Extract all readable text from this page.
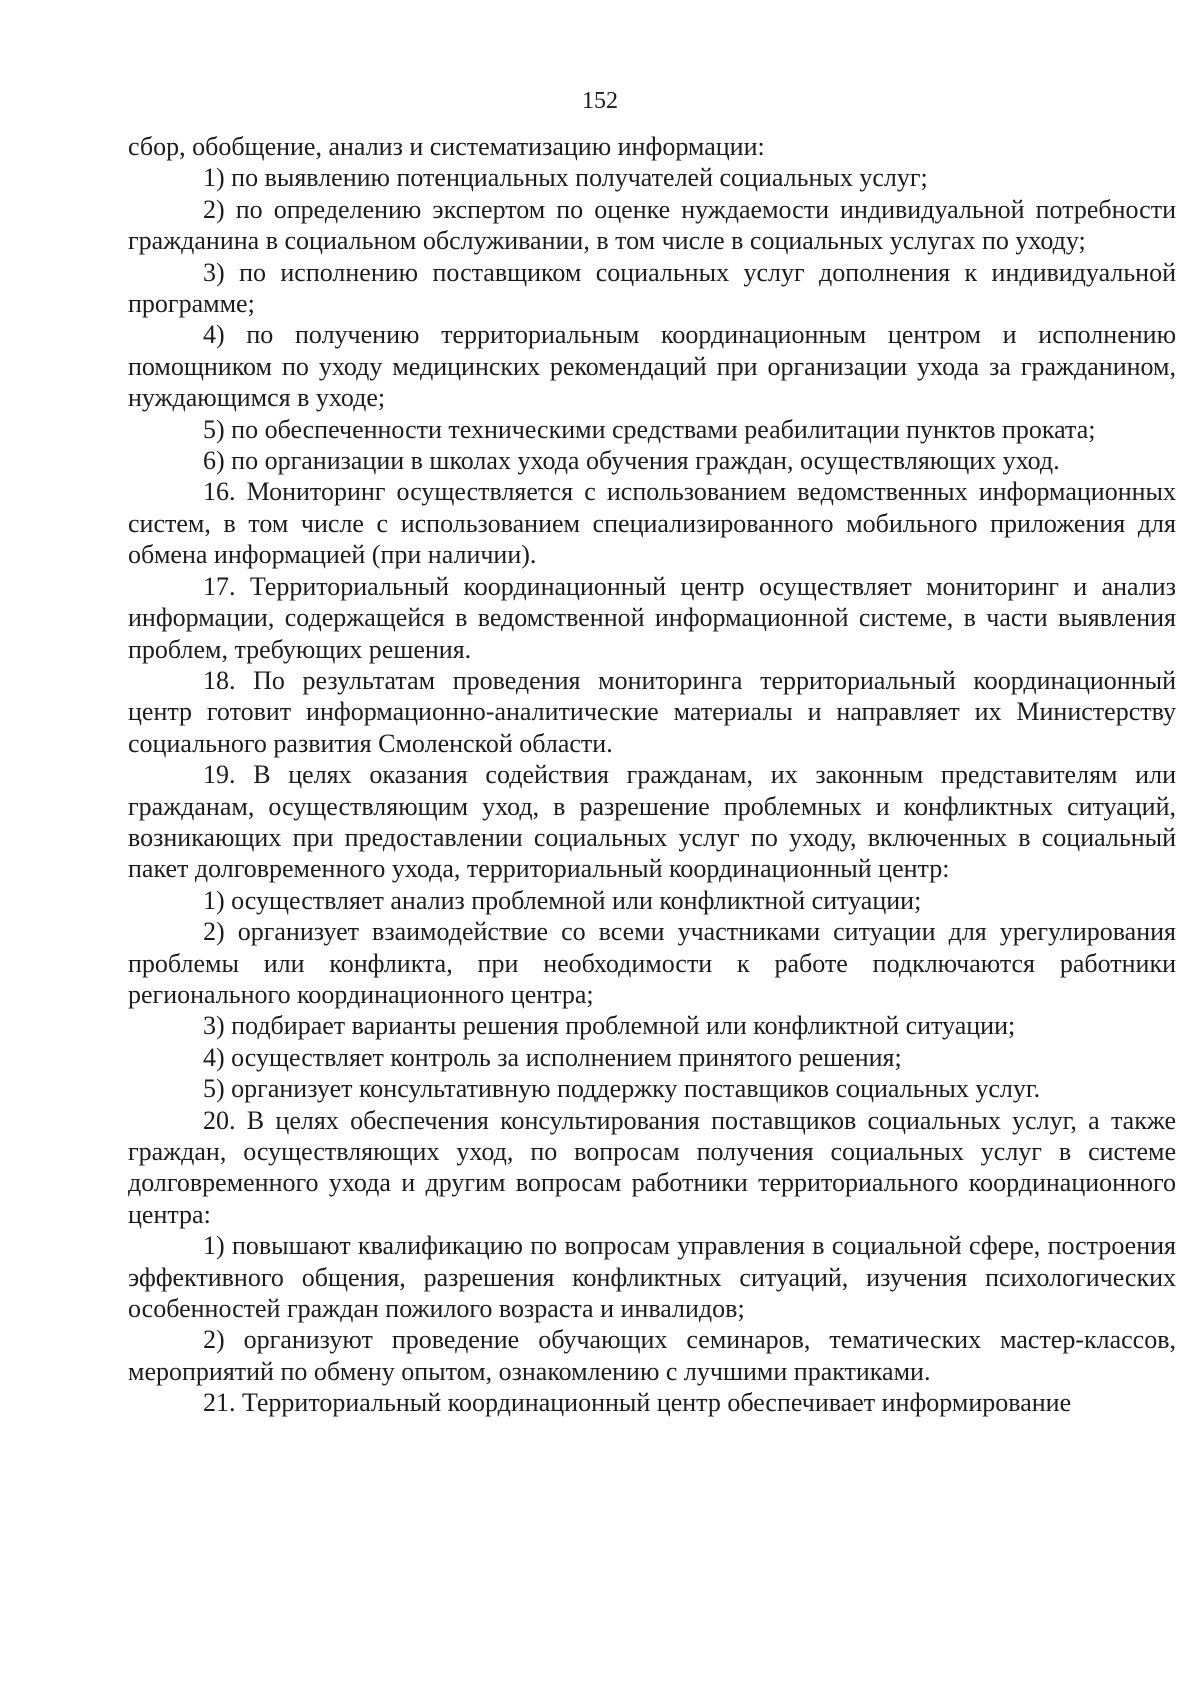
152

сбор, обобщение, анализ и систематизацию информации:

1) по выявлению потенциальных получателей социальных услуг;

2) по определению экспертом по оценке нуждаемости индивидуальной потребности гражданина в социальном обслуживании, в том числе в социальных услугах по уходу;

3) по исполнению поставщиком социальных услуг дополнения к индивидуальной программе;

4) по получению территориальным координационным центром и исполнению помощником по уходу медицинских рекомендаций при организации ухода за гражданином, нуждающимся в уходе;

5) по обеспеченности техническими средствами реабилитации пунктов проката;

6) по организации в школах ухода обучения граждан, осуществляющих уход.

16. Мониторинг осуществляется с использованием ведомственных информационных систем, в том числе с использованием специализированного мобильного приложения для обмена информацией (при наличии).

17. Территориальный координационный центр осуществляет мониторинг и анализ информации, содержащейся в ведомственной информационной системе, в части выявления проблем, требующих решения.

18. По результатам проведения мониторинга территориальный координационный центр готовит информационно-аналитические материалы и направляет их Министерству социального развития Смоленской области.

19. В целях оказания содействия гражданам, их законным представителям или гражданам, осуществляющим уход, в разрешение проблемных и конфликтных ситуаций, возникающих при предоставлении социальных услуг по уходу, включенных в социальный пакет долговременного ухода, территориальный координационный центр:

1) осуществляет анализ проблемной или конфликтной ситуации;

2) организует взаимодействие со всеми участниками ситуации для урегулирования проблемы или конфликта, при необходимости к работе подключаются работники регионального координационного центра;

3) подбирает варианты решения проблемной или конфликтной ситуации;

4) осуществляет контроль за исполнением принятого решения;

5) организует консультативную поддержку поставщиков социальных услуг.

20. В целях обеспечения консультирования поставщиков социальных услуг, а также граждан, осуществляющих уход, по вопросам получения социальных услуг в системе долговременного ухода и другим вопросам работники территориального координационного центра:

1) повышают квалификацию по вопросам управления в социальной сфере, построения эффективного общения, разрешения конфликтных ситуаций, изучения психологических особенностей граждан пожилого возраста и инвалидов;

2) организуют проведение обучающих семинаров, тематических мастер-классов, мероприятий по обмену опытом, ознакомлению с лучшими практиками.

21. Территориальный координационный центр обеспечивает информирование
